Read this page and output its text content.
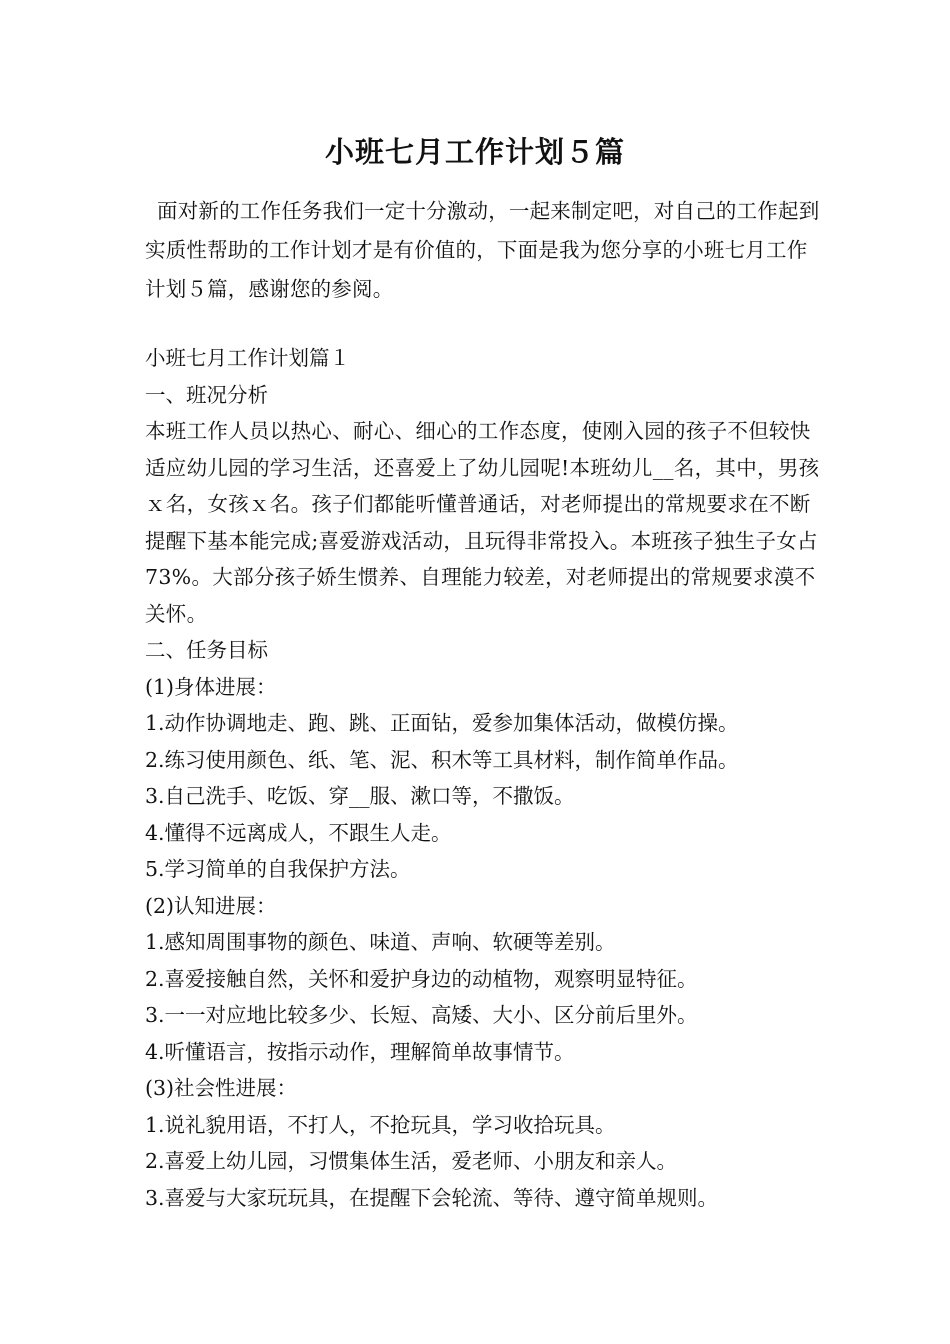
小班七月工作计划５篇

面对新的工作任务我们一定十分激动，一起来制定吧，对自己的工作起到实质性帮助的工作计划才是有价值的，下面是我为您分享的小班七月工作计划５篇，感谢您的参阅。

小班七月工作计划篇１

一、班况分析

本班工作人员以热心、耐心、细心的工作态度，使刚入园的孩子不但较快适应幼儿园的学习生活，还喜爱上了幼儿园呢!本班幼儿__名，其中，男孩ｘ名，女孩ｘ名。孩子们都能听懂普通话，对老师提出的常规要求在不断提醒下基本能完成;喜爱游戏活动，且玩得非常投入。本班孩子独生子女占73%。大部分孩子娇生惯养、自理能力较差，对老师提出的常规要求漠不关怀。

二、任务目标

(1)身体进展：

1.动作协调地走、跑、跳、正面钻，爱参加集体活动，做模仿操。

2.练习使用颜色、纸、笔、泥、积木等工具材料，制作简单作品。

3.自己洗手、吃饭、穿__服、漱口等，不撒饭。

4.懂得不远离成人，不跟生人走。

5.学习简单的自我保护方法。

(2)认知进展：

1.感知周围事物的颜色、味道、声响、软硬等差别。

2.喜爱接触自然，关怀和爱护身边的动植物，观察明显特征。

3.一一对应地比较多少、长短、高矮、大小、区分前后里外。

4.听懂语言，按指示动作，理解简单故事情节。

(3)社会性进展：

1.说礼貌用语，不打人，不抢玩具，学习收拾玩具。

2.喜爱上幼儿园，习惯集体生活，爱老师、小朋友和亲人。

3.喜爱与大家玩玩具，在提醒下会轮流、等待、遵守简单规则。
